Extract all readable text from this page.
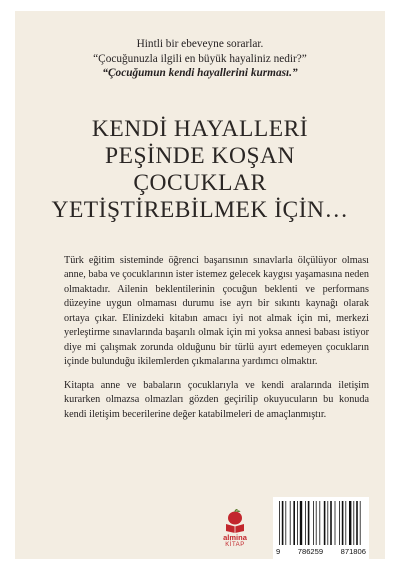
Hintli bir ebeveyne sorarlar.
“Çocuğunuzla ilgili en büyük hayaliniz nedir?”
“Çocuğumun kendi hayallerini kurması.”
KENDİ HAYALLERİ
PEŞİNDE KOŞAN
ÇOCUKLAR
YETİŞTİREBİLMEK İÇİN…

Türk eğitim sisteminde öğrenci başarısının sınavlarla ölçülüyor olması anne, baba ve çocuklarının ister istemez gelecek kaygısı yaşamasına neden olmaktadır. Ailenin beklentilerinin çocuğun beklenti ve performans düzeyine uygun olmaması durumu ise ayrı bir sıkıntı kaynağı olarak ortaya çıkar. Elinizdeki kitabın amacı iyi not almak için mi, merkezi yerleştirme sınavlarında başarılı olmak için mi yoksa annesi babası istiyor diye mi çalışmak zorunda olduğunu bir türlü ayırt edemeyen çocukların içinde bulunduğu ikilemlerden çıkmalarına yardımcı olmaktır.

Kitapta anne ve babaların çocuklarıyla ve kendi aralarında iletişim kurarken olmazsa olmazları gözden geçirilip okuyucuların bu konuda kendi iletişim becerilerine değer katabilmeleri de amaçlanmıştır.

almina
KİTAP
9 786259 871806
